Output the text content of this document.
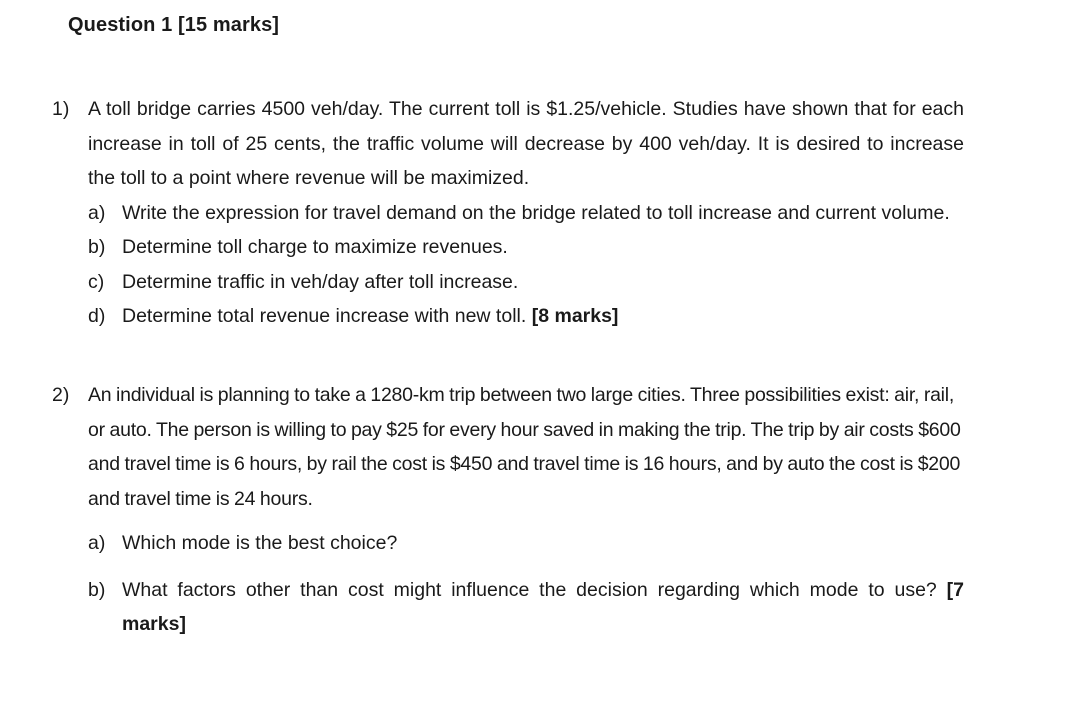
Question 1 [15 marks]
1) A toll bridge carries 4500 veh/day. The current toll is $1.25/vehicle. Studies have shown that for each increase in toll of 25 cents, the traffic volume will decrease by 400 veh/day. It is desired to increase the toll to a point where revenue will be maximized.
a) Write the expression for travel demand on the bridge related to toll increase and current volume.
b) Determine toll charge to maximize revenues.
c) Determine traffic in veh/day after toll increase.
d) Determine total revenue increase with new toll. [8 marks]
2) An individual is planning to take a 1280-km trip between two large cities. Three possibilities exist: air, rail, or auto. The person is willing to pay $25 for every hour saved in making the trip. The trip by air costs $600 and travel time is 6 hours, by rail the cost is $450 and travel time is 16 hours, and by auto the cost is $200 and travel time is 24 hours.
a) Which mode is the best choice?
b) What factors other than cost might influence the decision regarding which mode to use? [7 marks]
